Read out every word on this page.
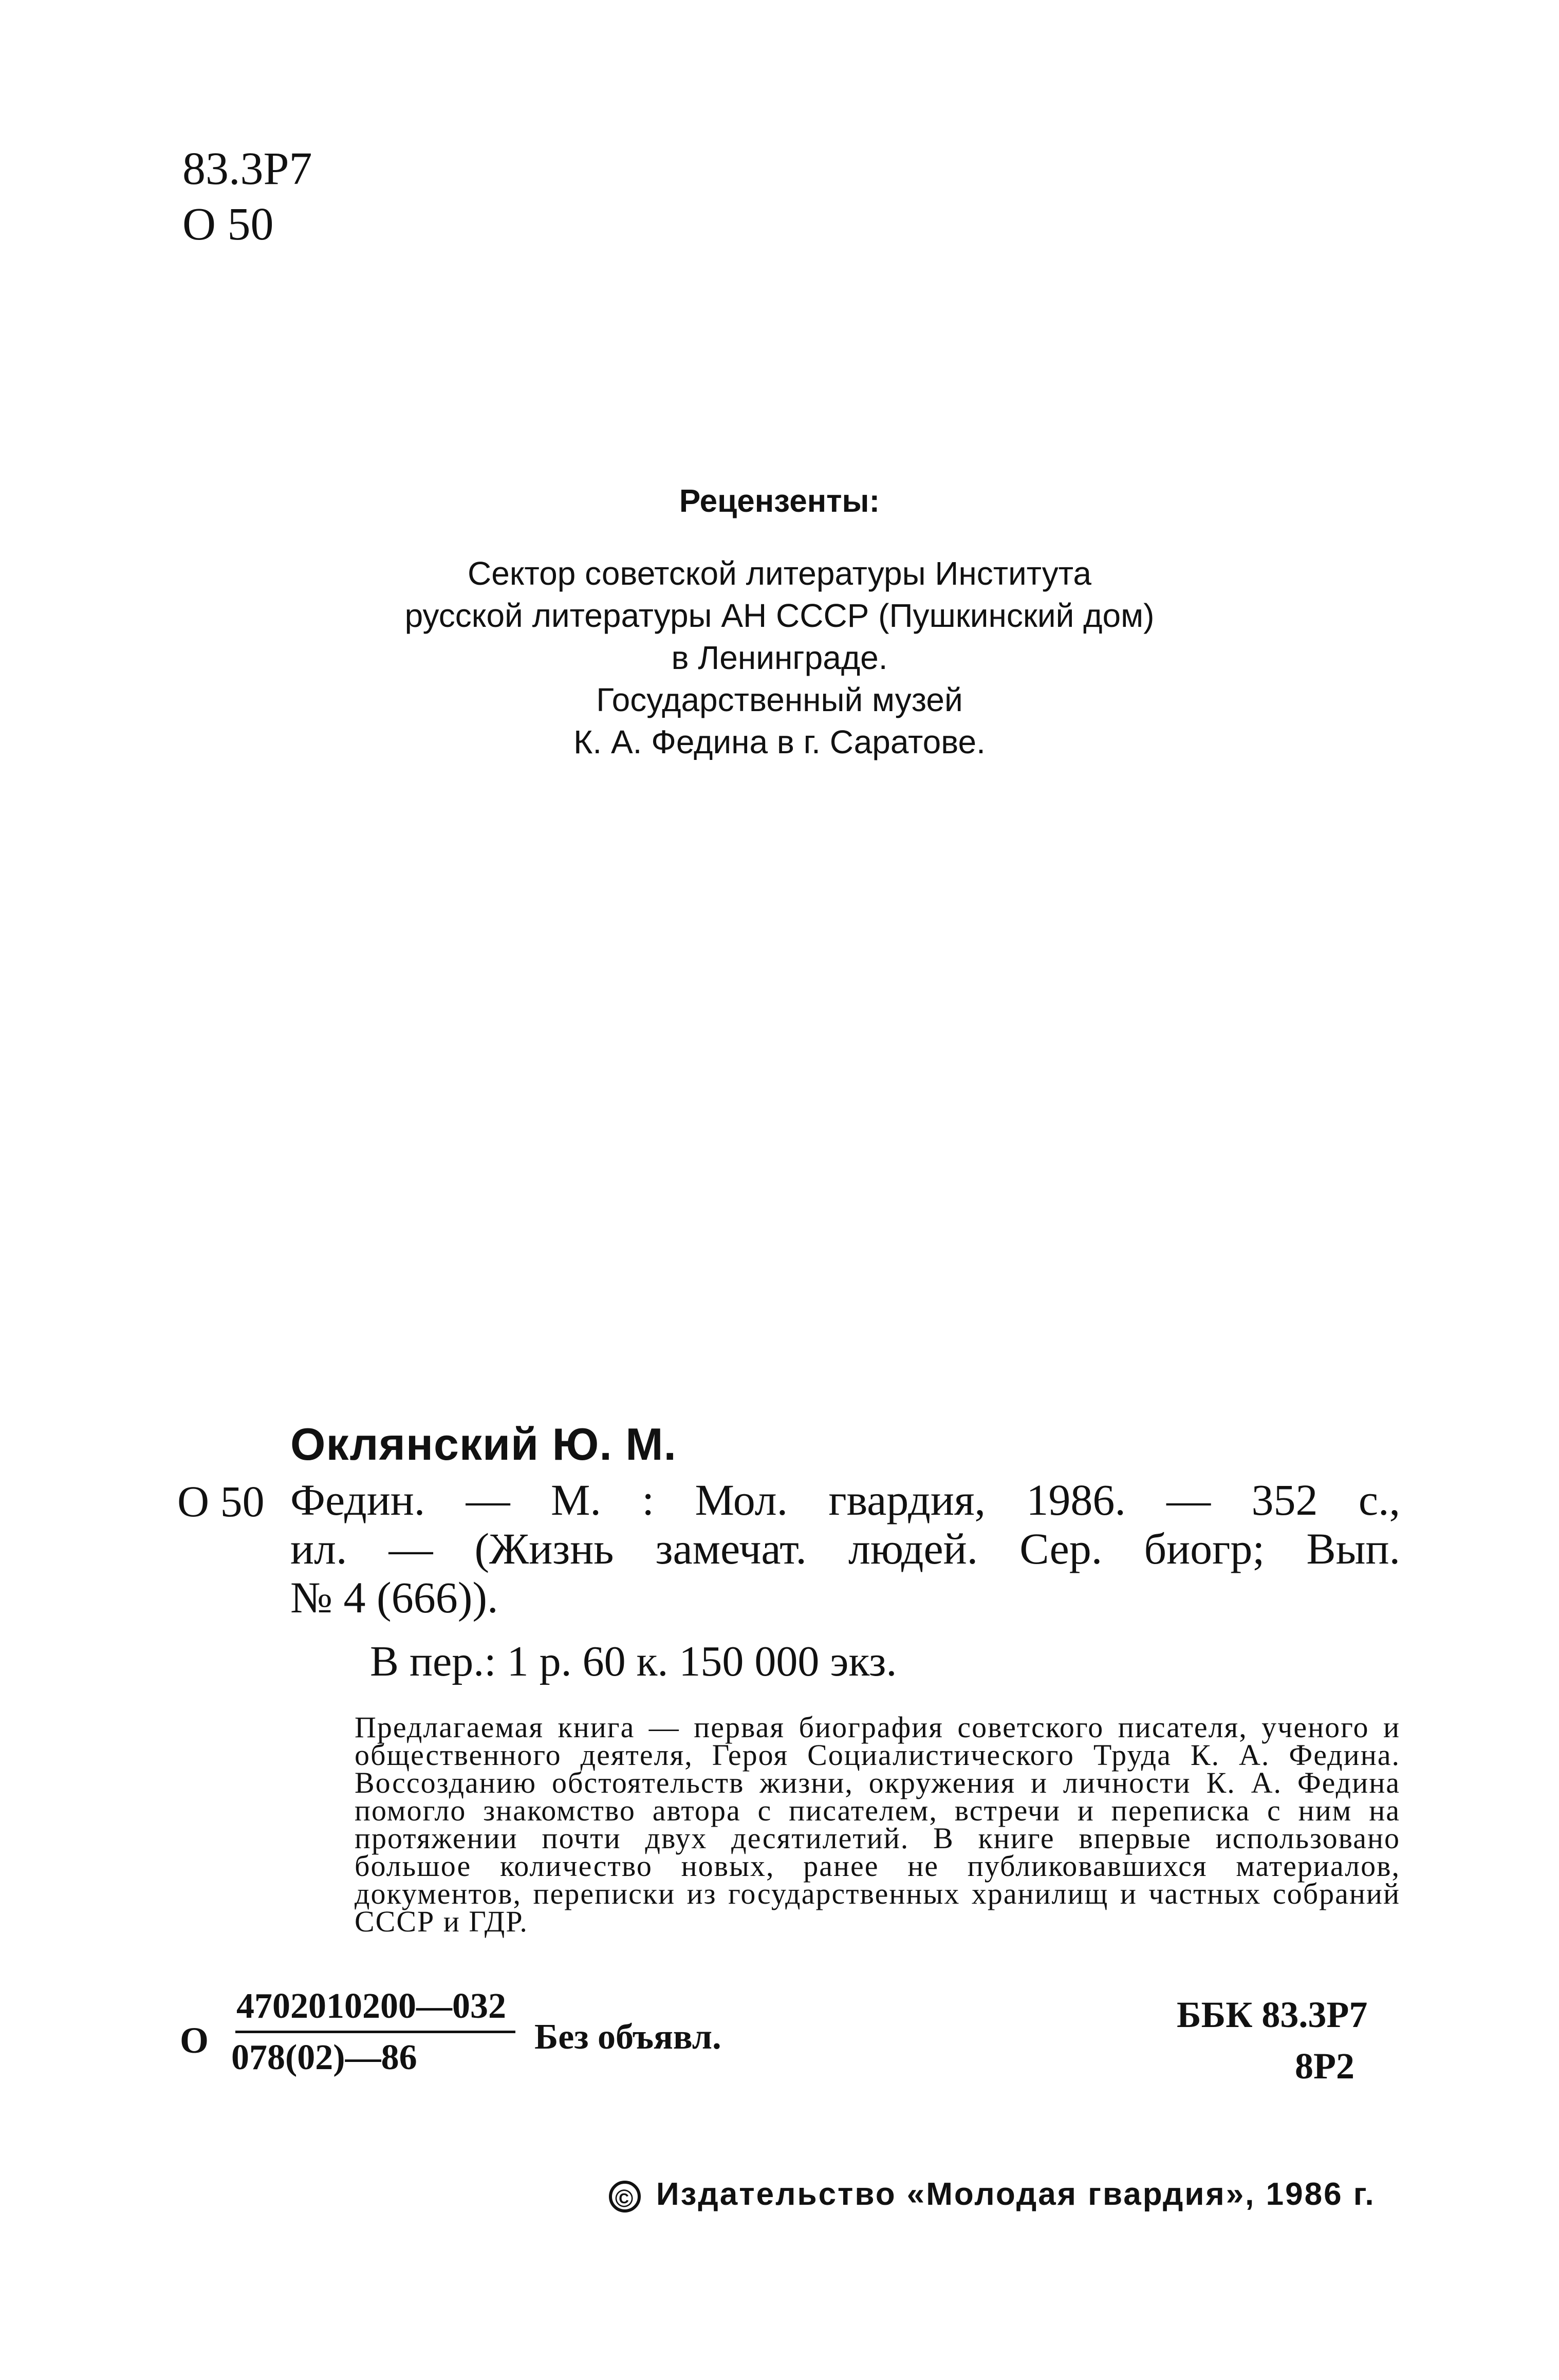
83.3Р7
О 50
Рецензенты:
Сектор советской литературы Института
русской литературы АН СССР (Пушкинский дом)
в Ленинграде.
Государственный музей
К. А. Федина в г. Саратове.
Оклянский Ю. М.
О 50 Федин. — М. : Мол. гвардия, 1986. — 352 с.,
ил. — (Жизнь замечат. людей. Сер. биогр; Вып.
№ 4 (666)).
В пер.: 1 р. 60 к. 150 000 экз.
Предлагаемая книга — первая биография советского писателя, ученого и общественного деятеля, Героя Социалистического Труда К. А. Федина. Воссозданию обстоятельств жизни, окружения и личности К. А. Федина помогло знакомство автора с писателем, встречи и переписка с ним на протяжении почти двух десятилетий. В книге впервые использовано большое количество новых, ранее не публиковавшихся материалов, документов, переписки из государственных хранилищ и частных собраний СССР и ГДР.
О
4702010200—032
078(02)—86
Без объявл.
ББК 83.3Р7
8Р2
© Издательство «Молодая гвардия», 1986 г.
